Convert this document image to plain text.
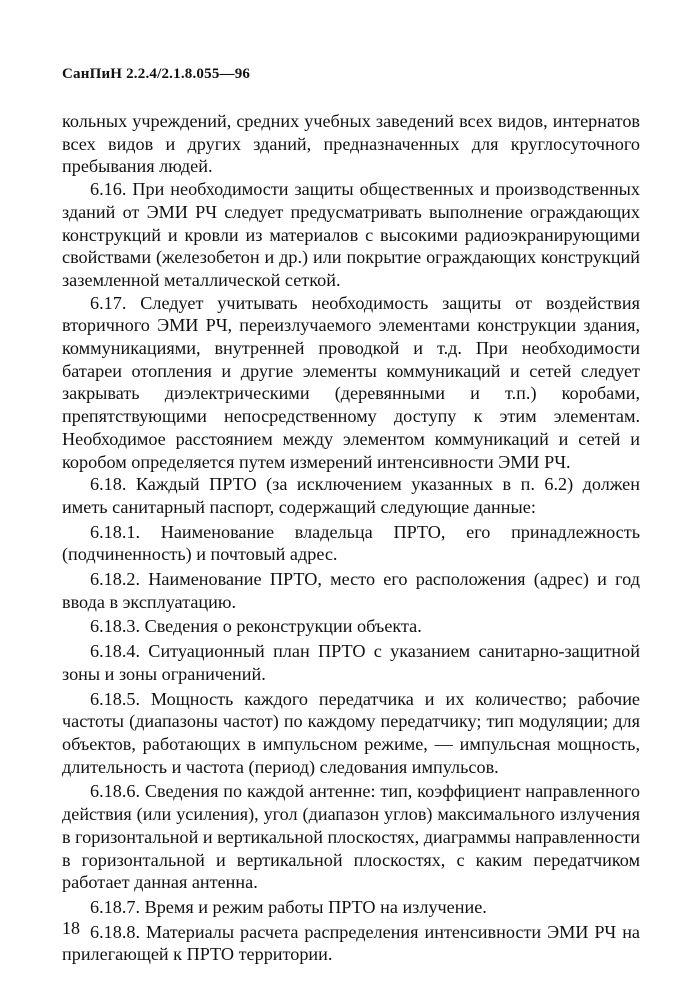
СанПиН 2.2.4/2.1.8.055—96

кольных учреждений, средних учебных заведений всех видов, интернатов всех видов и других зданий, предназначенных для круглосуточного пребывания людей.

6.16. При необходимости защиты общественных и производственных зданий от ЭМИ РЧ следует предусматривать выполнение ограждающих конструкций и кровли из материалов с высокими радиоэкранирующими свойствами (железобетон и др.) или покрытие ограждающих конструкций заземленной металлической сеткой.

6.17. Следует учитывать необходимость защиты от воздействия вторичного ЭМИ РЧ, переизлучаемого элементами конструкции здания, коммуникациями, внутренней проводкой и т.д. При необходимости батареи отопления и другие элементы коммуникаций и сетей следует закрывать диэлектрическими (деревянными и т.п.) коробами, препятствующими непосредственному доступу к этим элементам. Необходимое расстоянием между элементом коммуникаций и сетей и коробом определяется путем измерений интенсивности ЭМИ РЧ.

6.18. Каждый ПРТО (за исключением указанных в п. 6.2) должен иметь санитарный паспорт, содержащий следующие данные:

6.18.1. Наименование владельца ПРТО, его принадлежность (подчиненность) и почтовый адрес.

6.18.2. Наименование ПРТО, место его расположения (адрес) и год ввода в эксплуатацию.

6.18.3. Сведения о реконструкции объекта.

6.18.4. Ситуационный план ПРТО с указанием санитарно-защитной зоны и зоны ограничений.

6.18.5. Мощность каждого передатчика и их количество; рабочие частоты (диапазоны частот) по каждому передатчику; тип модуляции; для объектов, работающих в импульсном режиме, — импульсная мощность, длительность и частота (период) следования импульсов.

6.18.6. Сведения по каждой антенне: тип, коэффициент направленного действия (или усиления), угол (диапазон углов) максимального излучения в горизонтальной и вертикальной плоскостях, диаграммы направленности в горизонтальной и вертикальной плоскостях, с каким передатчиком работает данная антенна.

6.18.7. Время и режим работы ПРТО на излучение.

6.18.8. Материалы расчета распределения интенсивности ЭМИ РЧ на прилегающей к ПРТО территории.

18
